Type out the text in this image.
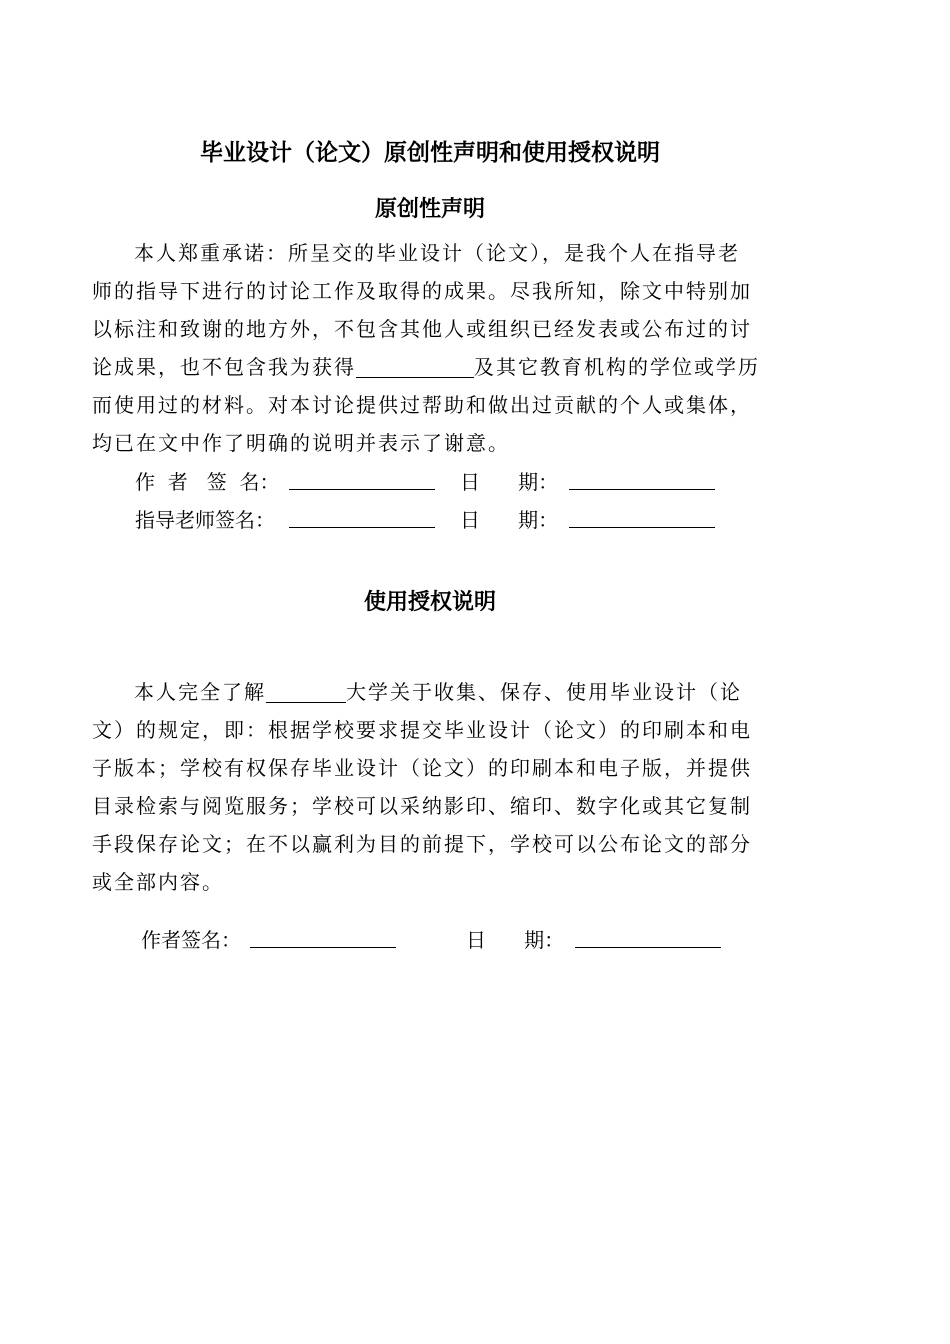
毕业设计（论文）原创性声明和使用授权说明
原创性声明
本人郑重承诺：所呈交的毕业设计（论文），是我个人在指导老
师的指导下进行的讨论工作及取得的成果。尽我所知，除文中特别加
以标注和致谢的地方外，不包含其他人或组织已经发表或公布过的讨
论成果，也不包含我为获得	及其它教育机构的学位或学历
而使用过的材料。对本讨论提供过帮助和做出过贡献的个人或集体，
均已在文中作了明确的说明并表示了谢意。
作  者   签  名：	日      期：
指导老师签名：	日      期：
使用授权说明
本人完全了解	大学关于收集、保存、使用毕业设计（论
文）的规定，即：根据学校要求提交毕业设计（论文）的印刷本和电
子版本；学校有权保存毕业设计（论文）的印刷本和电子版，并提供
目录检索与阅览服务；学校可以采纳影印、缩印、数字化或其它复制
手段保存论文；在不以赢利为目的前提下，学校可以公布论文的部分
或全部内容。
作者签名：	日      期：
